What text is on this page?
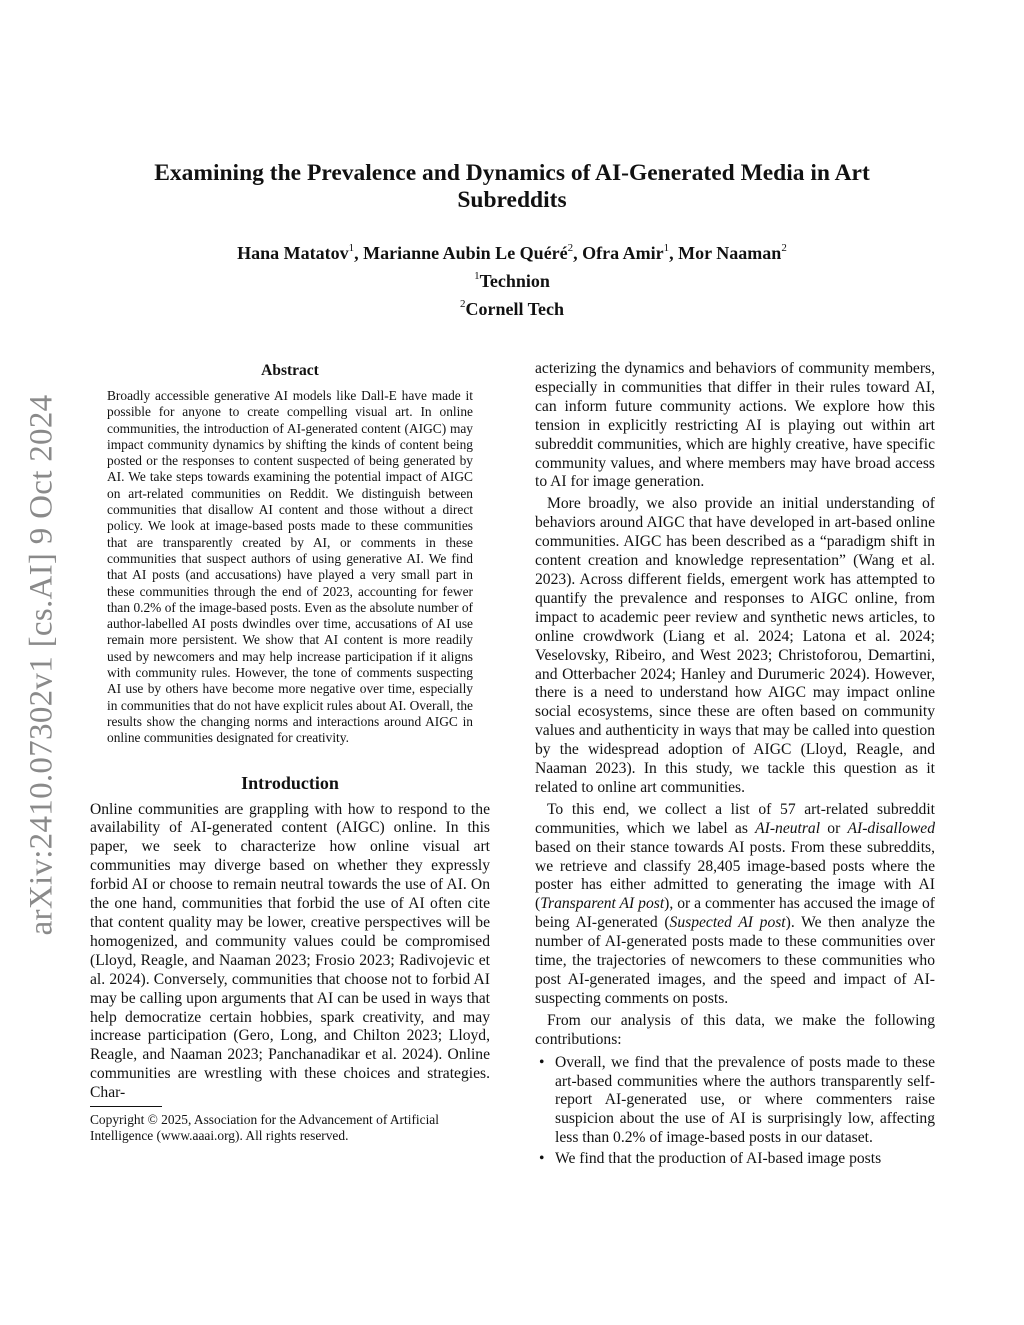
arXiv:2410.07302v1 [cs.AI] 9 Oct 2024
Examining the Prevalence and Dynamics of AI-Generated Media in Art Subreddits
Hana Matatov$^1$, Marianne Aubin Le Quéré$^2$, Ofra Amir$^1$, Mor Naaman$^2$
$^1$Technion
$^2$Cornell Tech
Abstract

Broadly accessible generative AI models like Dall-E have made it possible for anyone to create compelling visual art. In online communities, the introduction of AI-generated content (AIGC) may impact community dynamics by shifting the kinds of content being posted or the responses to content suspected of being generated by AI. We take steps towards examining the potential impact of AIGC on art-related communities on Reddit. We distinguish between communities that disallow AI content and those without a direct policy. We look at image-based posts made to these communities that are transparently created by AI, or comments in these communities that suspect authors of using generative AI. We find that AI posts (and accusations) have played a very small part in these communities through the end of 2023, accounting for fewer than 0.2% of the image-based posts. Even as the absolute number of author-labelled AI posts dwindles over time, accusations of AI use remain more persistent. We show that AI content is more readily used by newcomers and may help increase participation if it aligns with community rules. However, the tone of comments suspecting AI use by others have become more negative over time, especially in communities that do not have explicit rules about AI. Overall, the results show the changing norms and interactions around AIGC in online communities designated for creativity.

Introduction

Online communities are grappling with how to respond to the availability of AI-generated content (AIGC) online. In this paper, we seek to characterize how online visual art communities may diverge based on whether they expressly forbid AI or choose to remain neutral towards the use of AI. On the one hand, communities that forbid the use of AI often cite that content quality may be lower, creative perspectives will be homogenized, and community values could be compromised (Lloyd, Reagle, and Naaman 2023; Frosio 2023; Radivojevic et al. 2024). Conversely, communities that choose not to forbid AI may be calling upon arguments that AI can be used in ways that help democratize certain hobbies, spark creativity, and may increase participation (Gero, Long, and Chilton 2023; Lloyd, Reagle, and Naaman 2023; Panchanadikar et al. 2024). Online communities are wrestling with these choices and strategies. Char-

Copyright © 2025, Association for the Advancement of Artificial Intelligence (www.aaai.org). All rights reserved.

acterizing the dynamics and behaviors of community members, especially in communities that differ in their rules toward AI, can inform future community actions. We explore how this tension in explicitly restricting AI is playing out within art subreddit communities, which are highly creative, have specific community values, and where members may have broad access to AI for image generation.

More broadly, we also provide an initial understanding of behaviors around AIGC that have developed in art-based online communities. AIGC has been described as a “paradigm shift in content creation and knowledge representation” (Wang et al. 2023). Across different fields, emergent work has attempted to quantify the prevalence and responses to AIGC online, from impact to academic peer review and synthetic news articles, to online crowdwork (Liang et al. 2024; Latona et al. 2024; Veselovsky, Ribeiro, and West 2023; Christoforou, Demartini, and Otterbacher 2024; Hanley and Durumeric 2024). However, there is a need to understand how AIGC may impact online social ecosystems, since these are often based on community values and authenticity in ways that may be called into question by the widespread adoption of AIGC (Lloyd, Reagle, and Naaman 2023). In this study, we tackle this question as it related to online art communities.

To this end, we collect a list of 57 art-related subreddit communities, which we label as AI-neutral or AI-disallowed based on their stance towards AI posts. From these subreddits, we retrieve and classify 28,405 image-based posts where the poster has either admitted to generating the image with AI (Transparent AI post), or a commenter has accused the image of being AI-generated (Suspected AI post). We then analyze the number of AI-generated posts made to these communities over time, the trajectories of newcomers to these communities who post AI-generated images, and the speed and impact of AI-suspecting comments on posts.

From our analysis of this data, we make the following contributions:

• Overall, we find that the prevalence of posts made to these art-based communities where the authors transparently self-report AI-generated use, or where commenters raise suspicion about the use of AI is surprisingly low, affecting less than 0.2% of image-based posts in our dataset.
• We find that the production of AI-based image posts
